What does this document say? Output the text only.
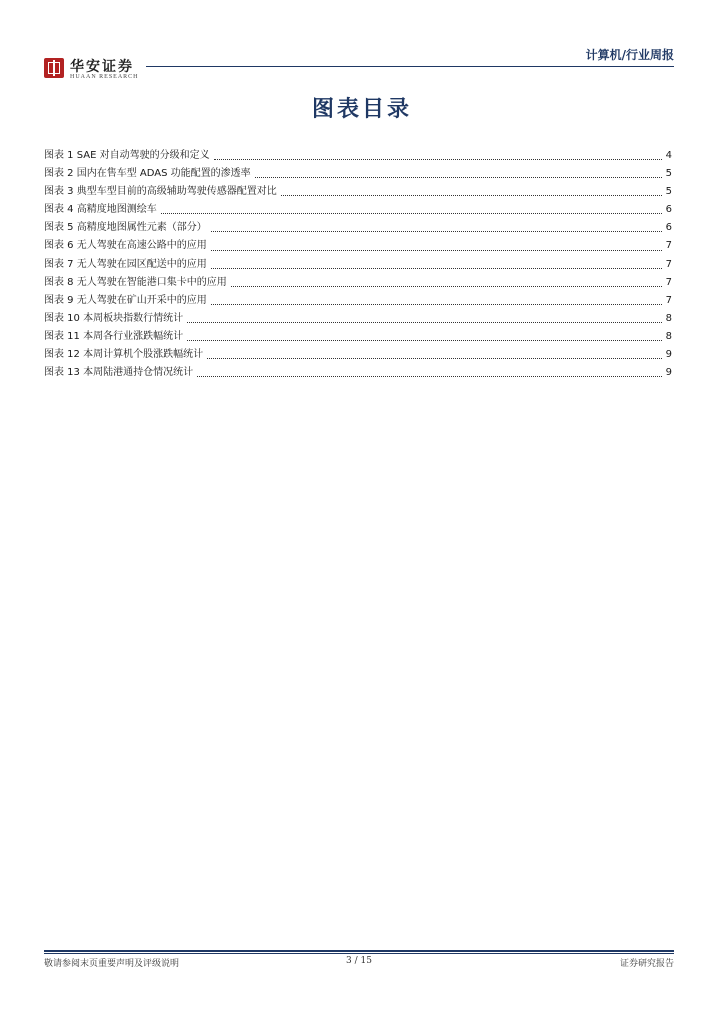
华安证券
HUAAN RESEARCH
计算机/行业周报
图表目录
图表 1 SAE 对自动驾驶的分级和定义	4
图表 2 国内在售车型 ADAS 功能配置的渗透率	5
图表 3 典型车型目前的高级辅助驾驶传感器配置对比	5
图表 4 高精度地图测绘车	6
图表 5 高精度地图属性元素（部分）	6
图表 6 无人驾驶在高速公路中的应用	7
图表 7 无人驾驶在园区配送中的应用	7
图表 8 无人驾驶在智能港口集卡中的应用	7
图表 9 无人驾驶在矿山开采中的应用	7
图表 10 本周板块指数行情统计	8
图表 11 本周各行业涨跌幅统计	8
图表 12 本周计算机个股涨跌幅统计	9
图表 13 本周陆港通持仓情况统计	9
敬请参阅末页重要声明及评级说明	3 / 15	证券研究报告
